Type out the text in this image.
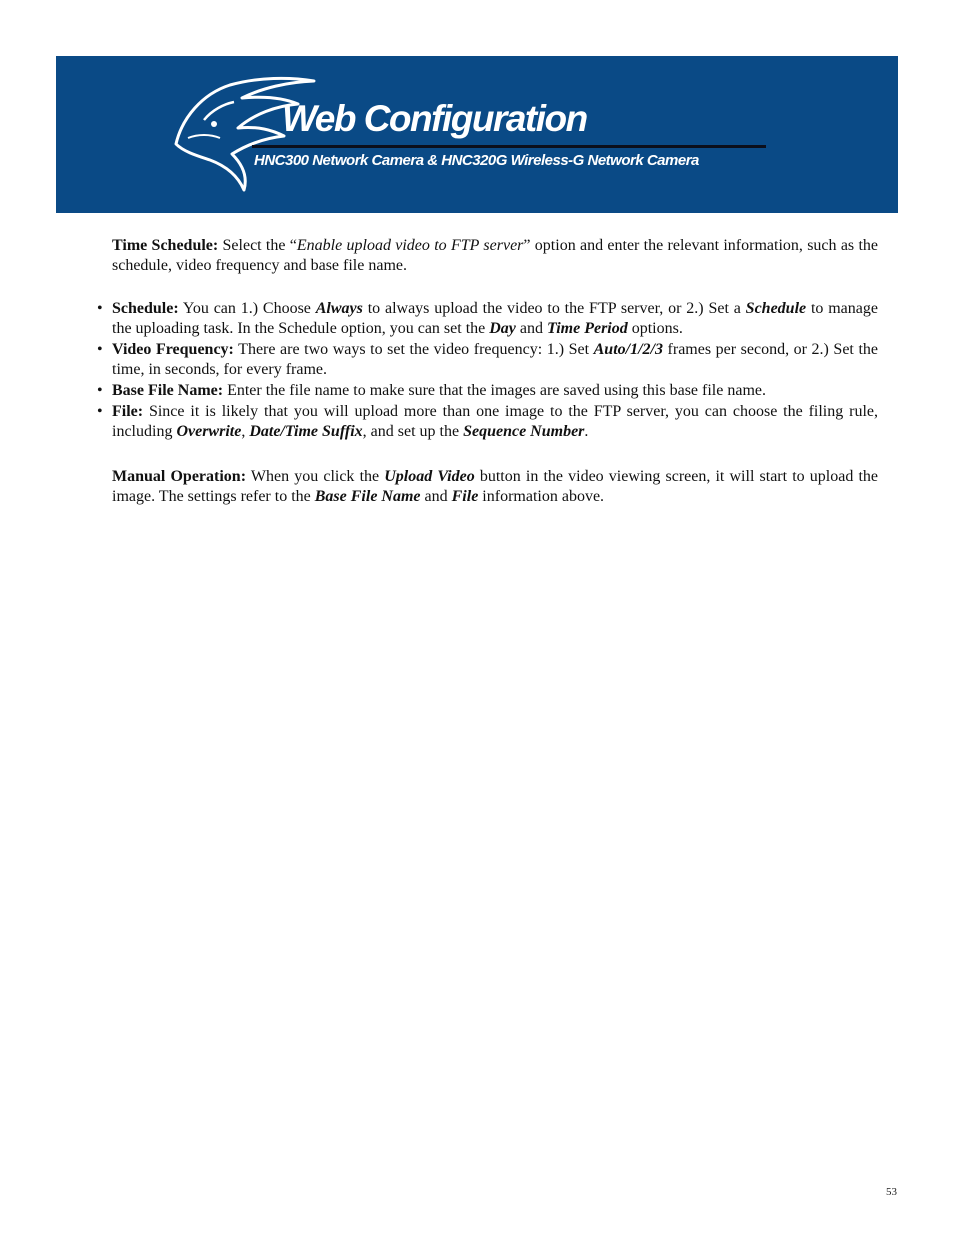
Web Configuration
HNC300 Network Camera & HNC320G Wireless-G Network Camera

Time Schedule: Select the “Enable upload video to FTP server” option and enter the relevant information, such as the schedule, video frequency and base file name.

• Schedule: You can 1.) Choose Always to always upload the video to the FTP server, or 2.) Set a Schedule to manage the uploading task. In the Schedule option, you can set the Day and Time Period options.
• Video Frequency: There are two ways to set the video frequency: 1.) Set Auto/1/2/3 frames per second, or 2.) Set the time, in seconds, for every frame.
• Base File Name: Enter the file name to make sure that the images are saved using this base file name.
• File: Since it is likely that you will upload more than one image to the FTP server, you can choose the filing rule, including Overwrite, Date/Time Suffix, and set up the Sequence Number.

Manual Operation: When you click the Upload Video button in the video viewing screen, it will start to upload the image. The settings refer to the Base File Name and File information above.

53
